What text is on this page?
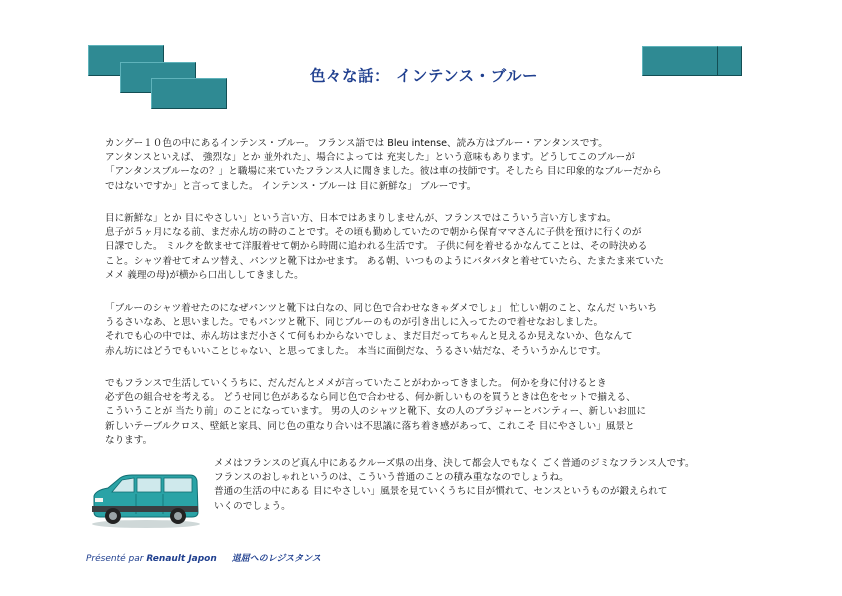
色々な話： インテンス・ブルー
カングー１０色の中にあるインテンス・ブルー。 フランス語では Bleu intense、読み方はブルー・アンタンスです。
アンタンスといえば、 強烈な」とか 並外れた」、場合によっては 充実した」という意味もあります。どうしてこのブルーが
「アンタンスブルーなの？」と職場に来ていたフランス人に聞きました。彼は車の技師です。そしたら 目に印象的なブルーだから
ではないですか」と言ってました。 インテンス・ブルーは 目に新鮮な」 ブルーです。
目に新鮮な」とか 目にやさしい」という言い方、日本ではあまりしませんが、フランスではこういう言い方しますね。
息子が５ヶ月になる前、まだ赤ん坊の時のことです。その頃も勤めしていたので朝から保育ママさんに子供を預けに行くのが
日課でした。 ミルクを飲ませて洋服着せて朝から時間に追われる生活です。 子供に何を着せるかなんてことは、その時決める
こと。シャツ着せてオムツ替え、パンツと靴下はかせます。 ある朝、いつものようにバタバタと着せていたら、たまたま来ていた
メメ 義理の母)が横から口出ししてきました。
「ブルーのシャツ着せたのになぜパンツと靴下は白なの、同じ色で合わせなきゃダメでしょ」 忙しい朝のこと、なんだ いちいち
うるさいなあ、と思いました。でもパンツと靴下、同じブルーのものが引き出しに入ってたので着せなおしました。
それでも心の中では、赤ん坊はまだ小さくて何もわからないでしょ、まだ目だってちゃんと見えるか見えないか、色なんて
赤ん坊にはどうでもいいことじゃない、と思ってました。 本当に面倒だな、うるさい姑だな、そういうかんじです。
でもフランスで生活していくうちに、だんだんとメメが言っていたことがわかってきました。 何かを身に付けるとき
必ず色の組合せを考える。 どうせ同じ色があるなら同じ色で合わせる、何か新しいものを買うときは色をセットで揃える、
こういうことが 当たり前」のことになっています。 男の人のシャツと靴下、女の人のブラジャーとパンティー、新しいお皿に
新しいテーブルクロス、壁紙と家具、同じ色の重なり合いは不思議に落ち着き感があって、これこそ 目にやさしい」風景と
なります。
メメはフランスのど真ん中にあるクルーズ県の出身、決して都会人でもなく ごく普通のジミなフランス人です。
フランスのおしゃれというのは、こういう普通のことの積み重ななのでしょうね。
普通の生活の中にある 目にやさしい」風景を見ていくうちに目が慣れて、センスというものが鍛えられて
いくのでしょう。
Présenté par Renault Japon 退屈へのレジスタンス
